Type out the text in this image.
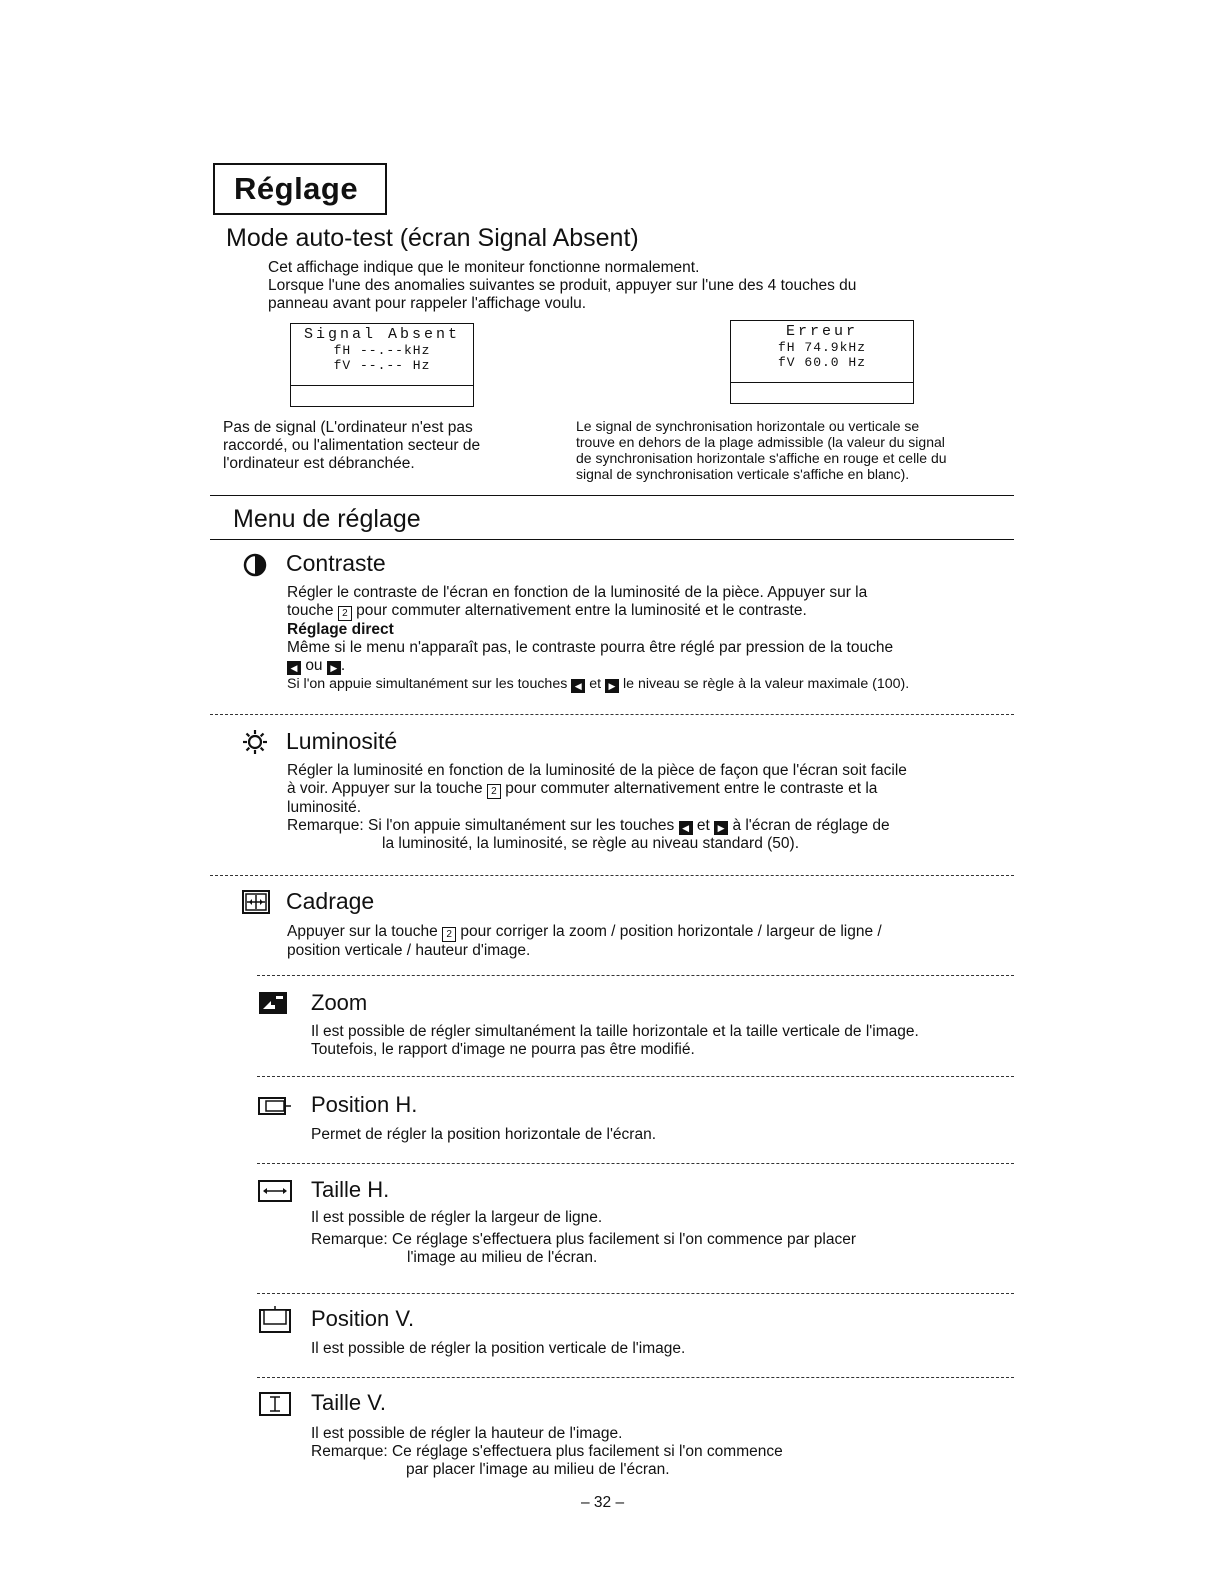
Réglage
Mode auto-test (écran Signal Absent)
Cet affichage indique que le moniteur fonctionne normalement.
Lorsque l'une des anomalies suivantes se produit, appuyer sur l'une des 4 touches du
panneau avant pour rappeler l'affichage voulu.
Signal Absent
fH --.--kHz
fV --.-- Hz
Erreur
fH 74.9kHz
fV 60.0 Hz
Pas de signal (L'ordinateur n'est pas
raccordé, ou l'alimentation secteur de
l'ordinateur est débranchée.
Le signal de synchronisation horizontale ou verticale se
trouve en dehors de la plage admissible (la valeur du signal
de synchronisation horizontale s'affiche en rouge et celle du
signal de synchronisation verticale s'affiche en blanc).
Menu de réglage
Contraste
Régler le contraste de l'écran en fonction de la luminosité de la pièce. Appuyer sur la
touche 2 pour commuter alternativement entre la luminosité et le contraste.
Réglage direct
Même si le menu n'apparaît pas, le contraste pourra être réglé par pression de la touche
◀ ou ▶ .
Si l'on appuie simultanément sur les touches ◀ et ▶ le niveau se règle à la valeur maximale (100).
Luminosité
Régler la luminosité en fonction de la luminosité de la pièce de façon que l'écran soit facile
à voir. Appuyer sur la touche 2 pour commuter alternativement entre le contraste et la
luminosité.
Remarque: Si l'on appuie simultanément sur les touches ◀ et ▶ à l'écran de réglage de
la luminosité, la luminosité, se règle au niveau standard (50).
Cadrage
Appuyer sur la touche 2 pour corriger la zoom / position horizontale / largeur de ligne /
position verticale / hauteur d'image.
Zoom
Il est possible de régler simultanément la taille horizontale et la taille verticale de l'image.
Toutefois, le rapport d'image ne pourra pas être modifié.
Position H.
Permet de régler la position horizontale de l'écran.
Taille H.
Il est possible de régler la largeur de ligne.
Remarque: Ce réglage s'effectuera plus facilement si l'on commence par placer
l'image au milieu de l'écran.
Position V.
Il est possible de régler la position verticale de l'image.
Taille V.
Il est possible de régler la hauteur de l'image.
Remarque: Ce réglage s'effectuera plus facilement si l'on commence
par placer l'image au milieu de l'écran.
– 32 –
